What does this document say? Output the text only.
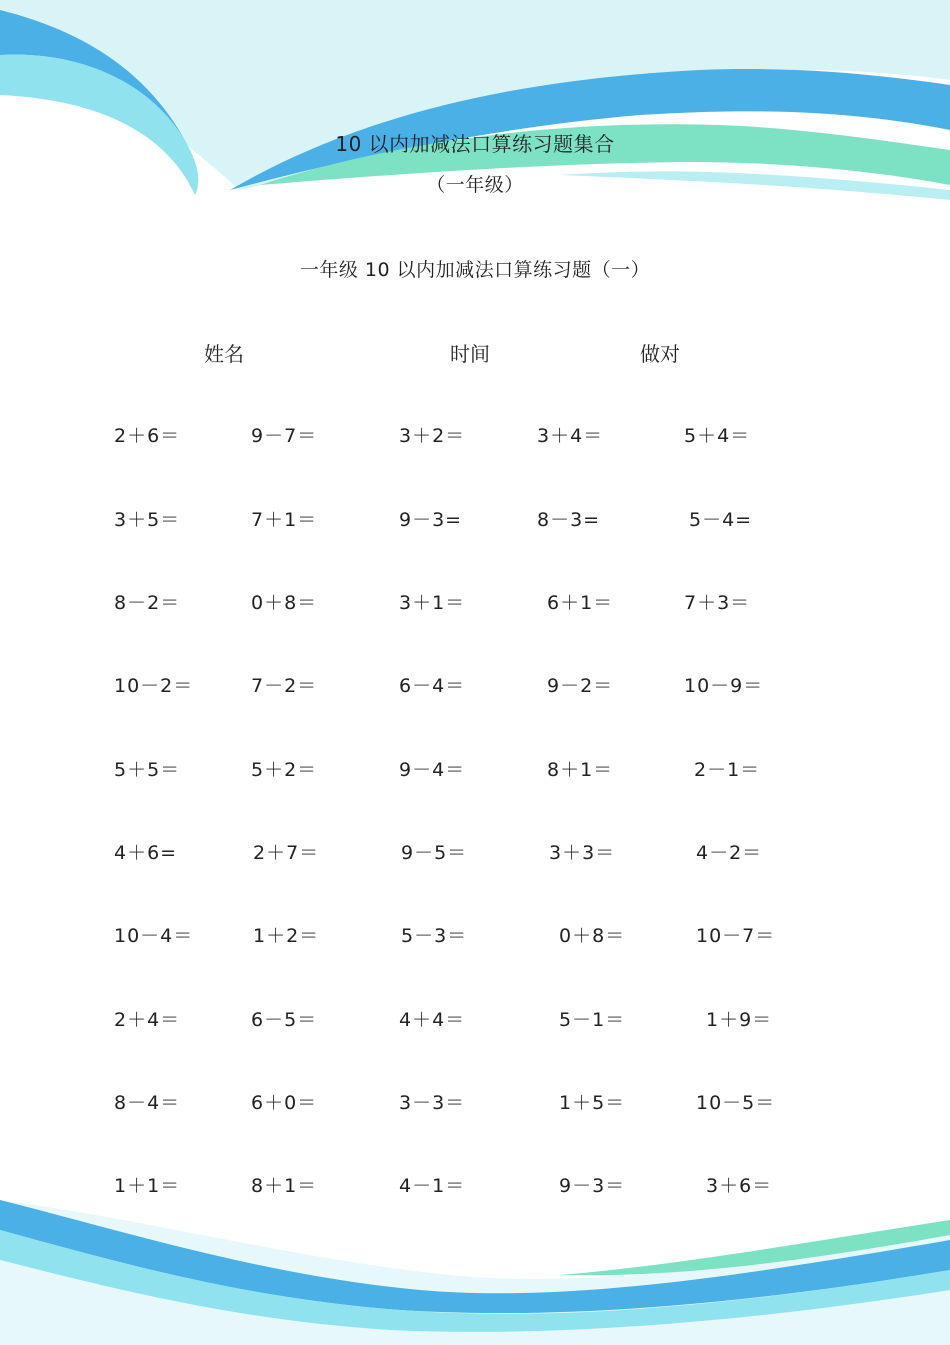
10 以内加减法口算练习题集合
（一年级）
一年级 10 以内加减法口算练习题（一）
姓名	时间	做对
2＋6＝	9－7＝	3＋2＝	3＋4＝	5＋4＝
3＋5＝	7＋1＝	9－3=	8－3=	5－4=
8－2＝	0＋8＝	3＋1＝	6＋1＝	7＋3＝
10－2＝	7－2＝	6－4＝	9－2＝	10－9＝
5＋5＝	5＋2＝	9－4＝	8＋1＝	2－1＝
4＋6=	2＋7＝	9－5＝	3＋3＝	4－2＝
10－4＝	1＋2＝	5－3＝	0＋8＝	10－7＝
2＋4＝	6－5＝	4＋4＝	5－1＝	1＋9＝
8－4＝	6＋0＝	3－3＝	1＋5＝	10－5＝
1＋1＝	8＋1＝	4－1＝	9－3＝	3＋6＝
